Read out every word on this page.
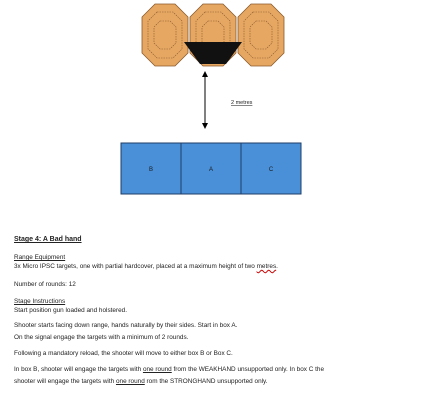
2 metres
B	A	C
Stage 4: A Bad hand
Range Equipment
3x Micro IPSC targets, one with partial hardcover, placed at a maximum height of two metres.
Number of rounds: 12
Stage Instructions
Start position gun loaded and holstered.
Shooter starts facing down range, hands naturally by their sides. Start in box A.
On the signal engage the targets with a minimum of 2 rounds.
Following a mandatory reload, the shooter will move to either box B or Box C.
In box B, shooter will engage the targets with one round from the WEAKHAND unsupported only. In box C the
shooter will engage the targets with one round rom the STRONGHAND unsupported only.
